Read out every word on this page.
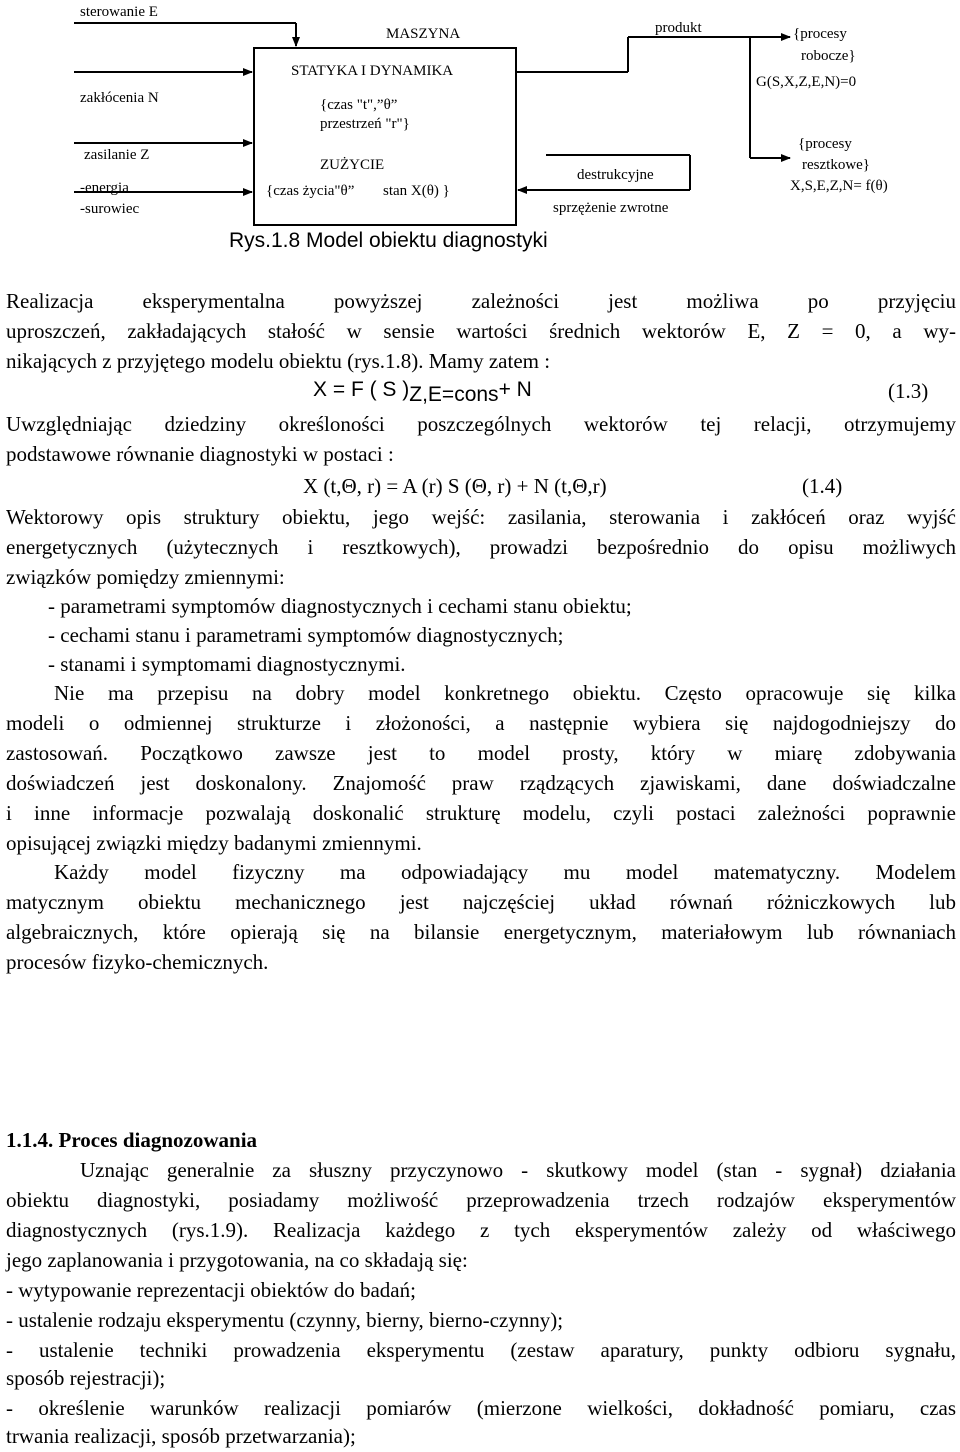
sterowanie E
zakłócenia N
zasilanie Z
-energia
-surowiec
MASZYNA
STATYKA I DYNAMIKA
{czas "t",”θ”
przestrzeń "r"}
ZUŻYCIE
{czas życia"θ” stan X(θ) }
produkt
destrukcyjne
sprzężenie zwrotne
{procesy
robocze}
G(S,X,Z,E,N)=0
{procesy
resztkowe}
X,S,E,Z,N= f(θ)
Rys.1.8 Model obiektu diagnostyki
Realizacja eksperymentalna powyższej zależności jest możliwa po przyjęciu
uproszczeń, zakładających stałość w sensie wartości średnich wektorów E, Z = 0, a wy-
nikających z przyjętego modelu obiektu (rys.1.8). Mamy zatem :
X = F ( S )Z,E=cons+ N	(1.3)
Uwzględniając dziedziny określoności poszczególnych wektorów tej relacji, otrzymujemy
podstawowe równanie diagnostyki w postaci :
X (t,Θ, r) = A (r) S (Θ, r) + N (t,Θ,r)	(1.4)
Wektorowy opis struktury obiektu, jego wejść: zasilania, sterowania i zakłóceń oraz wyjść
energetycznych (użytecznych i resztkowych), prowadzi bezpośrednio do opisu możliwych
związków pomiędzy zmiennymi:
- parametrami symptomów diagnostycznych i cechami stanu obiektu;
- cechami stanu i parametrami symptomów diagnostycznych;
- stanami i symptomami diagnostycznymi.
Nie ma przepisu na dobry model konkretnego obiektu. Często opracowuje się kilka
modeli o odmiennej strukturze i złożoności, a następnie wybiera się najdogodniejszy do
zastosowań. Początkowo zawsze jest to model prosty, który w miarę zdobywania
doświadczeń jest doskonalony. Znajomość praw rządzących zjawiskami, dane doświadczalne
i inne informacje pozwalają doskonalić strukturę modelu, czyli postaci zależności poprawnie
opisującej związki między badanymi zmiennymi.
Każdy model fizyczny ma odpowiadający mu model matematyczny. Modelem
matycznym obiektu mechanicznego jest najczęściej układ równań różniczkowych lub
algebraicznych, które opierają się na bilansie energetycznym, materiałowym lub równaniach
procesów fizyko-chemicznych.
1.1.4. Proces diagnozowania
Uznając generalnie za słuszny przyczynowo - skutkowy model (stan - sygnał) działania
obiektu diagnostyki, posiadamy możliwość przeprowadzenia trzech rodzajów eksperymentów
diagnostycznych (rys.1.9). Realizacja każdego z tych eksperymentów zależy od właściwego
jego zaplanowania i przygotowania, na co składają się:
- wytypowanie reprezentacji obiektów do badań;
- ustalenie rodzaju eksperymentu (czynny, bierny, bierno-czynny);
- ustalenie techniki prowadzenia eksperymentu (zestaw aparatury, punkty odbioru sygnału,
sposób rejestracji);
- określenie warunków realizacji pomiarów (mierzone wielkości, dokładność pomiaru, czas
trwania realizacji, sposób przetwarzania);
